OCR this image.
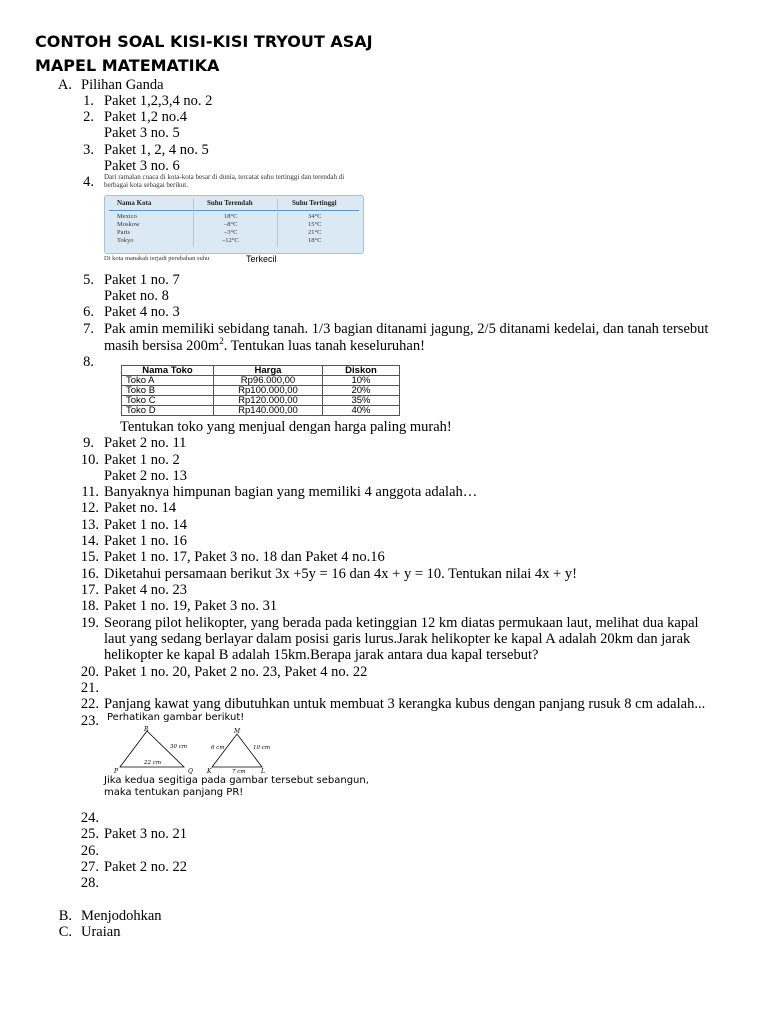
CONTOH SOAL KISI-KISI TRYOUT ASAJ
MAPEL MATEMATIKA
A. Pilihan Ganda
1. Paket 1,2,3,4 no. 2
2. Paket 1,2 no.4
Paket 3 no. 5
3. Paket 1, 2, 4 no. 5
Paket 3 no. 6
4. Dari ramalan cuaca di kota-kota besar di dunia, tercatat suhu tertinggi dan terendah di berbagai kota sebagai berikut.
Nama Kota	Suhu Terendah	Suhu Tertinggi
Mexico	18°C	34°C
Moskow	–8°C	15°C
Paris	–3°C	21°C
Tokyo	–12°C	18°C
Di kota manakah terjadi perubahan suhu	Terkecil
5. Paket 1 no. 7
Paket no. 8
6. Paket 4 no. 3
7. Pak amin memiliki sebidang tanah. 1/3 bagian ditanami jagung, 2/5 ditanami kedelai, dan tanah tersebut
masih bersisa $200m^2$. Tentukan luas tanah keseluruhan!
8.
Nama Toko	Harga	Diskon
Toko A	Rp96.000,00	10%
Toko B	Rp100.000,00	20%
Toko C	Rp120.000,00	35%
Toko D	Rp140.000,00	40%
Tentukan toko yang menjual dengan harga paling murah!
9. Paket 2 no. 11
10. Paket 1 no. 2
Paket 2 no. 13
11. Banyaknya himpunan bagian yang memiliki 4 anggota adalah…
12. Paket no. 14
13. Paket 1 no. 14
14. Paket 1 no. 16
15. Paket 1 no. 17, Paket 3 no. 18 dan Paket 4 no.16
16. Diketahui persamaan berikut 3x +5y = 16 dan 4x + y = 10. Tentukan nilai 4x + y!
17. Paket 4 no. 23
18. Paket 1 no. 19, Paket 3 no. 31
19. Seorang pilot helikopter, yang berada pada ketinggian 12 km diatas permukaan laut, melihat dua kapal
laut yang sedang berlayar dalam posisi garis lurus.Jarak helikopter ke kapal A adalah 20km dan jarak
helikopter ke kapal B adalah 15km.Berapa jarak antara dua kapal tersebut?
20. Paket 1 no. 20, Paket 2 no. 23, Paket 4 no. 22
21.
22. Panjang kawat yang dibutuhkan untuk membuat 3 kerangka kubus dengan panjang rusuk 8 cm adalah...
23. Perhatikan gambar berikut!
R
P	Q
30 cm
22 cm
M
K	L
6 cm	10 cm
7 cm
Jika kedua segitiga pada gambar tersebut sebangun,
maka tentukan panjang PR!
24.
25. Paket 3 no. 21
26.
27. Paket 2 no. 22
28.
B. Menjodohkan
C. Uraian
